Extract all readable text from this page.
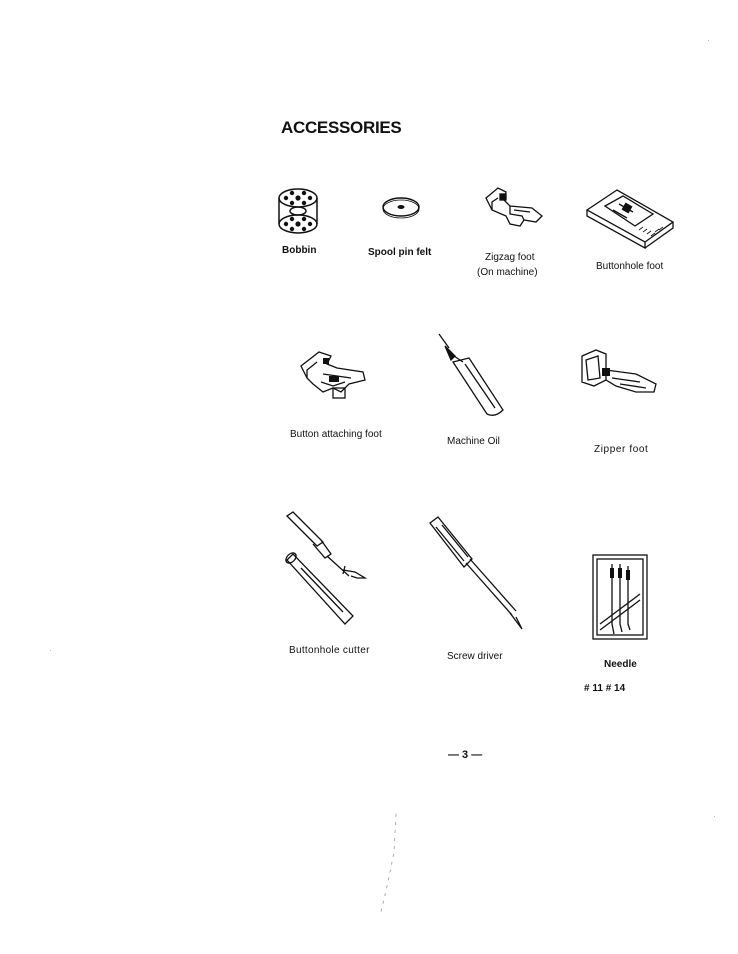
ACCESSORIES
Bobbin	Spool pin felt	Zigzag foot
(On machine)
Buttonhole foot
Button attaching foot
Machine Oil
Zipper foot
Buttonhole cutter
Screw driver
Needle
# 11 # 14
— 3 —
